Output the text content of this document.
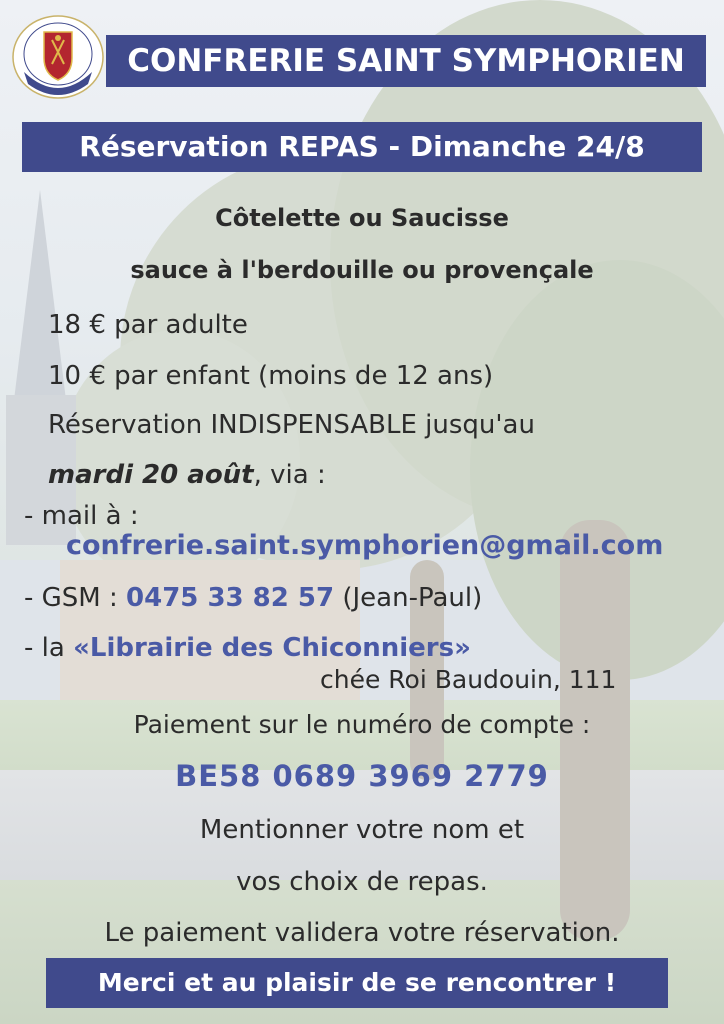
CONFRERIE SAINT SYMPHORIEN
Réservation REPAS - Dimanche 24/8
Côtelette ou Saucisse
sauce à l'berdouille ou provençale
18 € par adulte
10 € par enfant (moins de 12 ans)
Réservation INDISPENSABLE jusqu'au
mardi 20 août, via :
- mail à :
confrerie.saint.symphorien@gmail.com
- GSM : 0475 33 82 57 (Jean-Paul)
- la «Librairie des Chiconniers»
chée Roi Baudouin, 111
Paiement sur le numéro de compte :
BE58 0689 3969 2779
Mentionner votre nom et
vos choix de repas.
Le paiement validera votre réservation.
Merci et au plaisir de se rencontrer !
